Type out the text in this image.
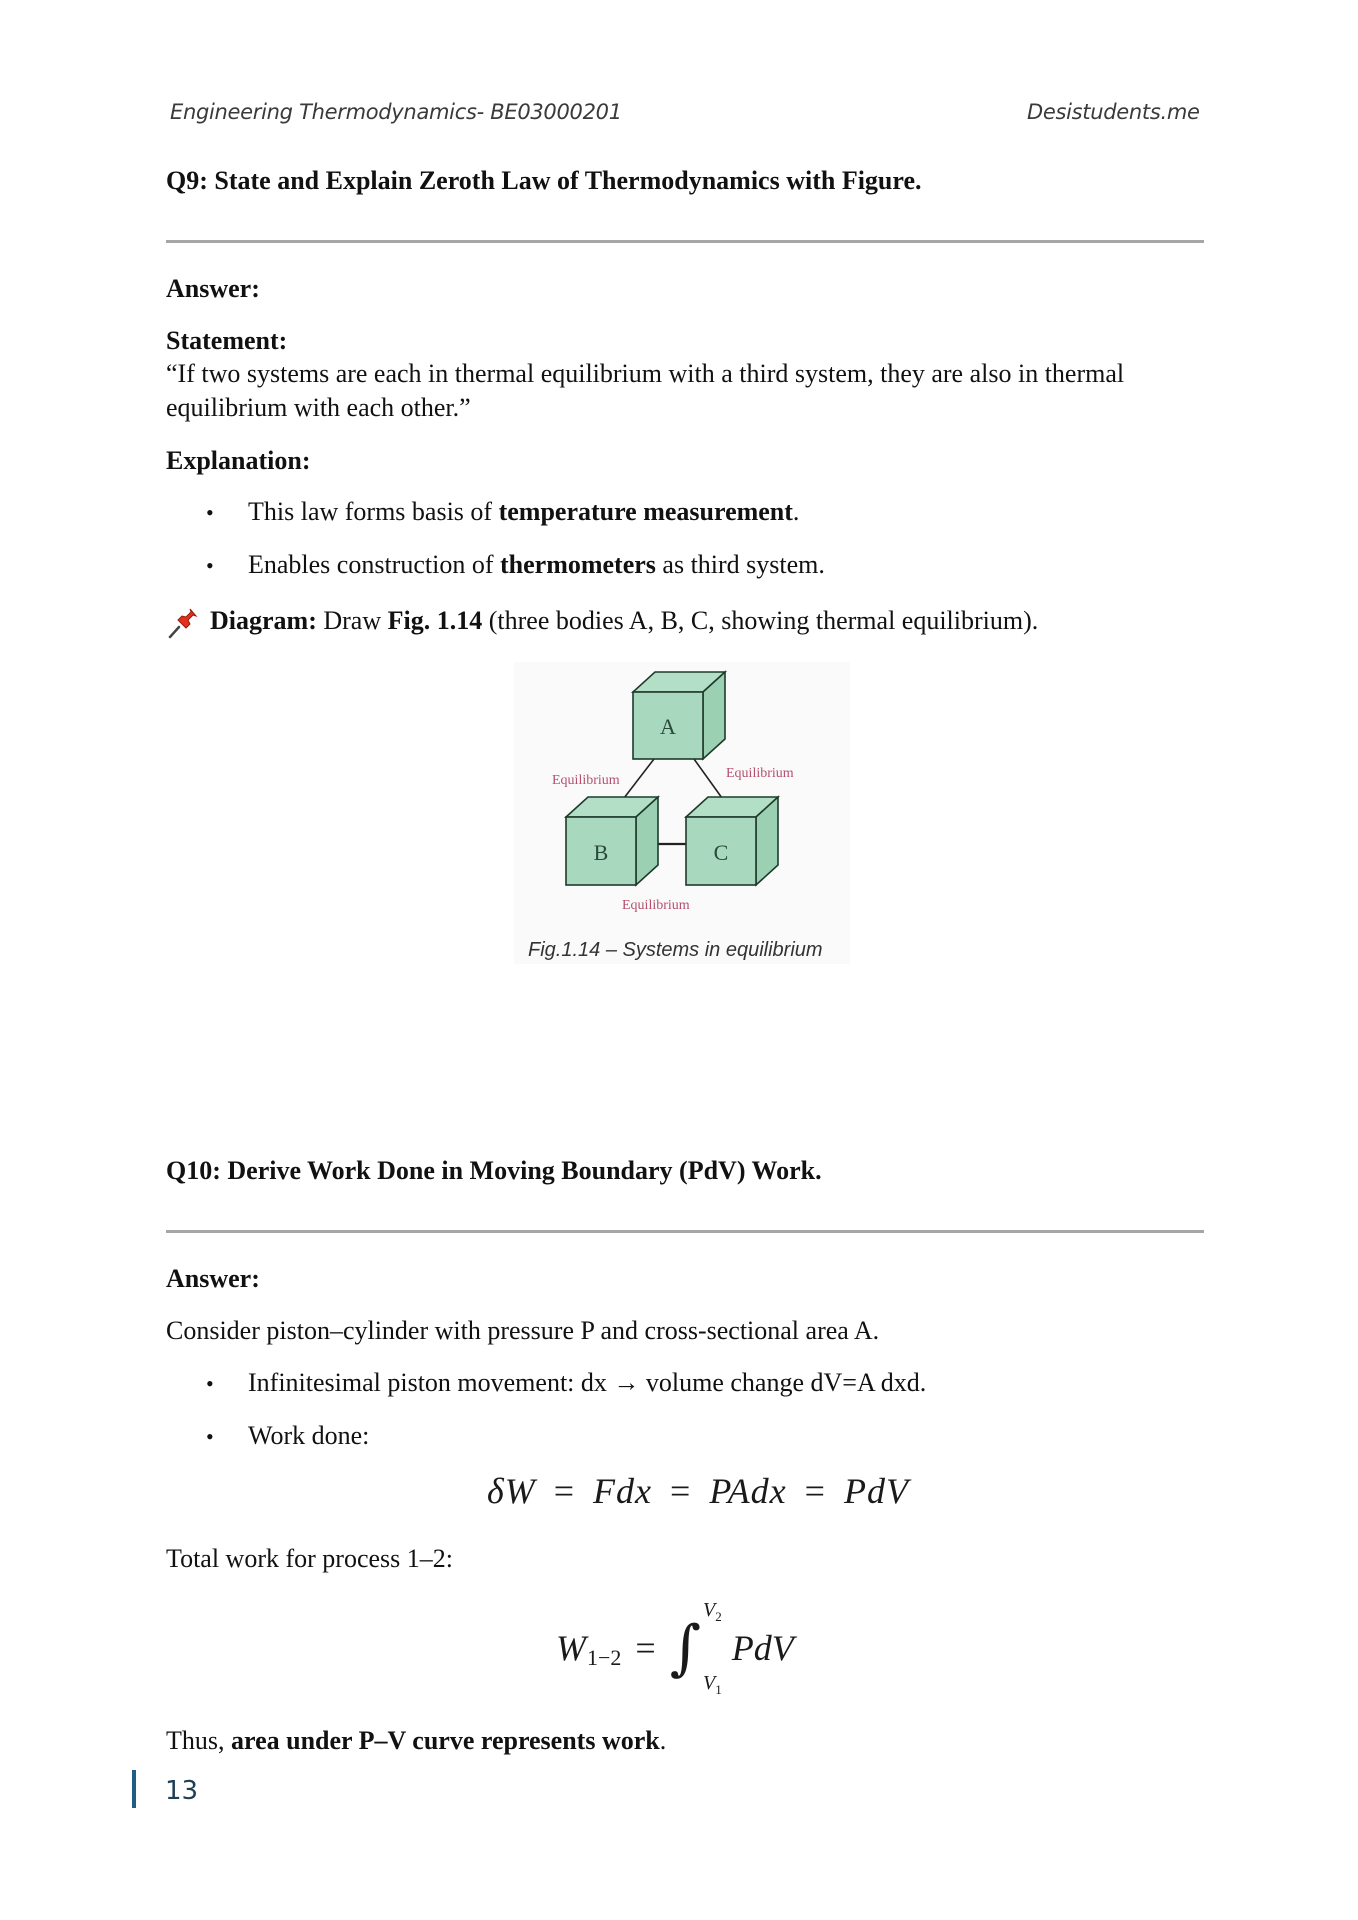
Engineering Thermodynamics- BE03000201	Desistudents.me
Q9: State and Explain Zeroth Law of Thermodynamics with Figure.
Answer:
Statement:
“If two systems are each in thermal equilibrium with a third system, they are also in thermal
equilibrium with each other.”
Explanation:
• This law forms basis of temperature measurement.
• Enables construction of thermometers as third system.
Diagram: Draw Fig. 1.14 (three bodies A, B, C, showing thermal equilibrium).
A
B	C
Equilibrium	Equilibrium
Equilibrium
Fig.1.14 – Systems in equilibrium
Q10: Derive Work Done in Moving Boundary (PdV) Work.
Answer:
Consider piston–cylinder with pressure P and cross-sectional area A.
• Infinitesimal piston movement: dx → volume change dV=A dxd.
• Work done:
δW = Fdx = PAdx = PdV
Total work for process 1–2:
$W_{1-2}$ = ∫
$V_2$
$V_1$
PdV
Thus, area under P–V curve represents work.
13
